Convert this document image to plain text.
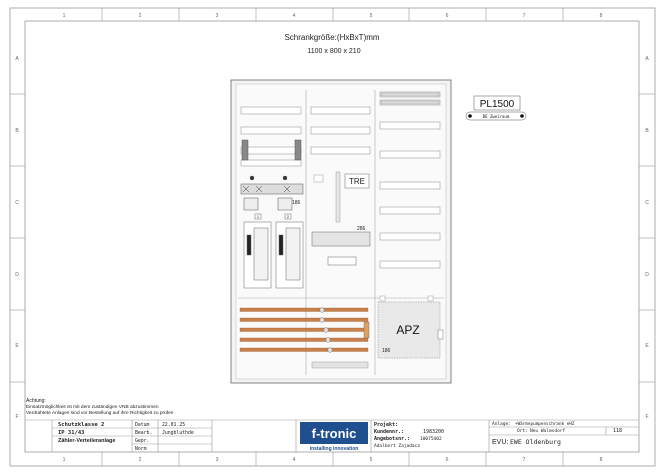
1	2	3	4	5	6	7	8
1	2	3	4	5	6	7	8
A
B
C
D
E
F
A
B
C
D
E
F
Schrankgröße:(HxBxT)mm
1100 x 800 x 210
186
1	2
TRE
286
PL1500
DE Zweiraum
APZ
186
Achtung:
Einsatzmöglichkeit ist mit dem zuständigen VNB abzustimmen
Verdrahtete Anlagen sind vor Bestellung auf ihre Richtigkeit zu prüfen
Schutzklasse 2
IP 31/43
Zähler-Verteileranlage
Datum	22.01.25
Bearb. Jungbluthde
Gepr.
Norm
f-tronic
installing innovation
Projekt:
Kundennr.:	1983200
Angebotsnr.: 10075402
Adalbert Zajadacz
Anlage: +Wärmepumpenschrank eHZ
Ort: Neu Walmsdorf	118
EVU: EWE Oldenburg
